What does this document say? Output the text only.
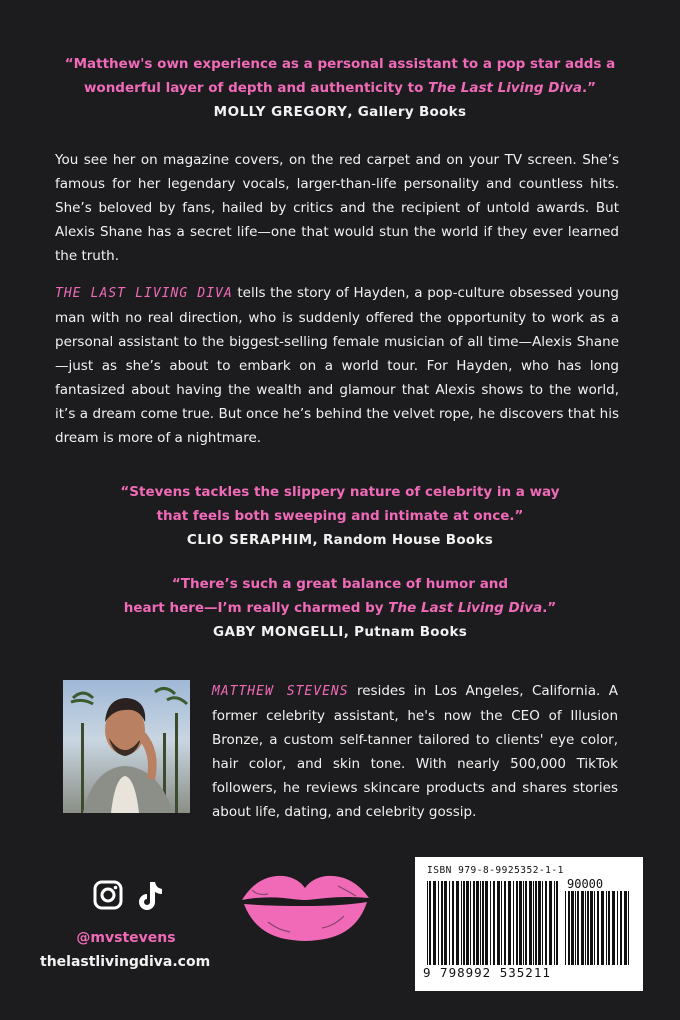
“Matthew's own experience as a personal assistant to a pop star adds a wonderful layer of depth and authenticity to The Last Living Diva.”

MOLLY GREGORY, Gallery Books

You see her on magazine covers, on the red carpet and on your TV screen. She’s famous for her legendary vocals, larger-than-life personality and countless hits. She’s beloved by fans, hailed by critics and the recipient of untold awards. But Alexis Shane has a secret life—one that would stun the world if they ever learned the truth.

THE LAST LIVING DIVA tells the story of Hayden, a pop-culture obsessed young man with no real direction, who is suddenly offered the opportunity to work as a personal assistant to the biggest-selling female musician of all time—Alexis Shane—just as she’s about to embark on a world tour. For Hayden, who has long fantasized about having the wealth and glamour that Alexis shows to the world, it’s a dream come true. But once he’s behind the velvet rope, he discovers that his dream is more of a nightmare.

“Stevens tackles the slippery nature of celebrity in a way
that feels both sweeping and intimate at once.”

CLIO SERAPHIM, Random House Books

“There’s such a great balance of humor and
heart here—I’m really charmed by The Last Living Diva.”

GABY MONGELLI, Putnam Books

MATTHEW STEVENS resides in Los Angeles, California. A former celebrity assistant, he's now the CEO of Illusion Bronze, a custom self-tanner tailored to clients' eye color, hair color, and skin tone. With nearly 500,000 TikTok followers, he reviews skincare products and shares stories about life, dating, and celebrity gossip.

@mvstevens
thelastlivingdiva.com
ISBN 979-8-9925352-1-1
90000
9 798992 535211
